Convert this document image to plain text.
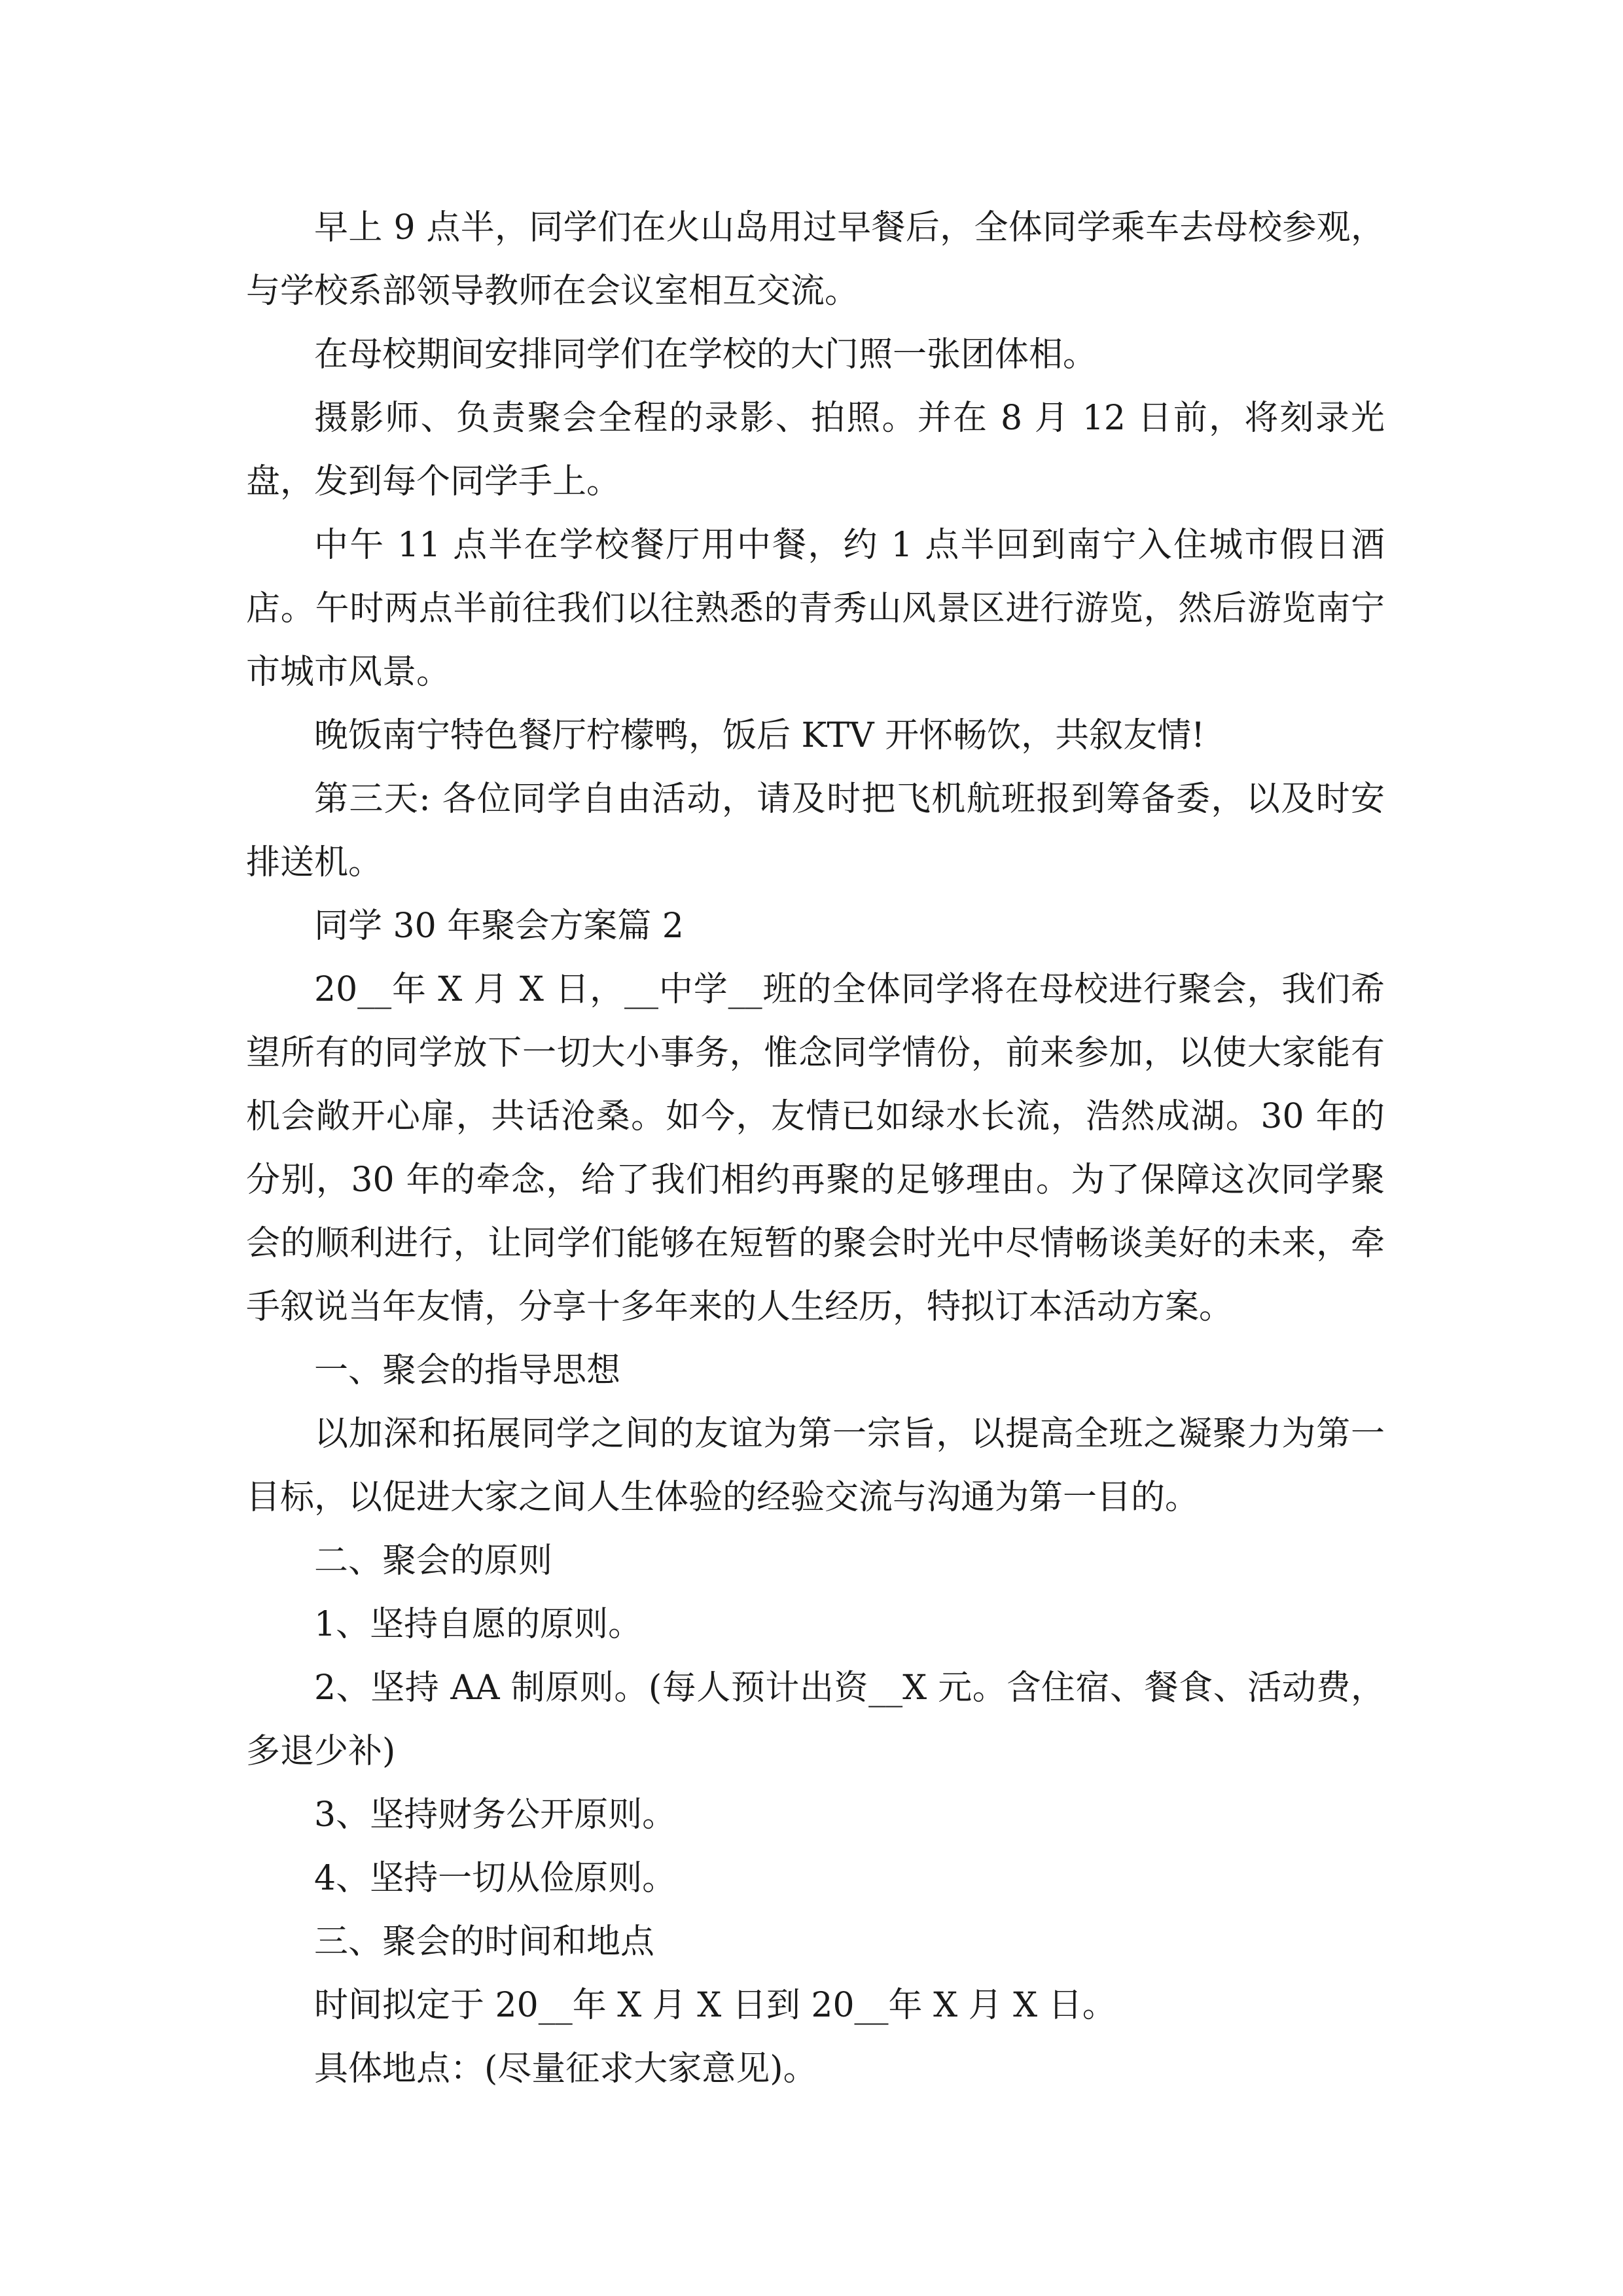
早上 9 点半，同学们在火山岛用过早餐后，全体同学乘车去母校参观，与学校系部领导教师在会议室相互交流。

在母校期间安排同学们在学校的大门照一张团体相。

摄影师、负责聚会全程的录影、拍照。并在 8 月 12 日前，将刻录光盘，发到每个同学手上。

中午 11 点半在学校餐厅用中餐，约 1 点半回到南宁入住城市假日酒店。午时两点半前往我们以往熟悉的青秀山风景区进行游览，然后游览南宁市城市风景。

晚饭南宁特色餐厅柠檬鸭，饭后 KTV 开怀畅饮，共叙友情!

第三天: 各位同学自由活动，请及时把飞机航班报到筹备委，以及时安排送机。

同学 30 年聚会方案篇 2

20__年 X 月 X 日，__中学__班的全体同学将在母校进行聚会，我们希望所有的同学放下一切大小事务，惟念同学情份，前来参加，以使大家能有机会敞开心扉，共话沧桑。如今，友情已如绿水长流，浩然成湖。30 年的分别，30 年的牵念，给了我们相约再聚的足够理由。为了保障这次同学聚会的顺利进行，让同学们能够在短暂的聚会时光中尽情畅谈美好的未来，牵手叙说当年友情，分享十多年来的人生经历，特拟订本活动方案。

一、聚会的指导思想

以加深和拓展同学之间的友谊为第一宗旨，以提高全班之凝聚力为第一目标，以促进大家之间人生体验的经验交流与沟通为第一目的。

二、聚会的原则

1、坚持自愿的原则。

2、坚持 AA 制原则。(每人预计出资__X 元。含住宿、餐食、活动费，多退少补)

3、坚持财务公开原则。

4、坚持一切从俭原则。

三、聚会的时间和地点

时间拟定于 20__年 X 月 X 日到 20__年 X 月 X 日。

具体地点：(尽量征求大家意见)。
